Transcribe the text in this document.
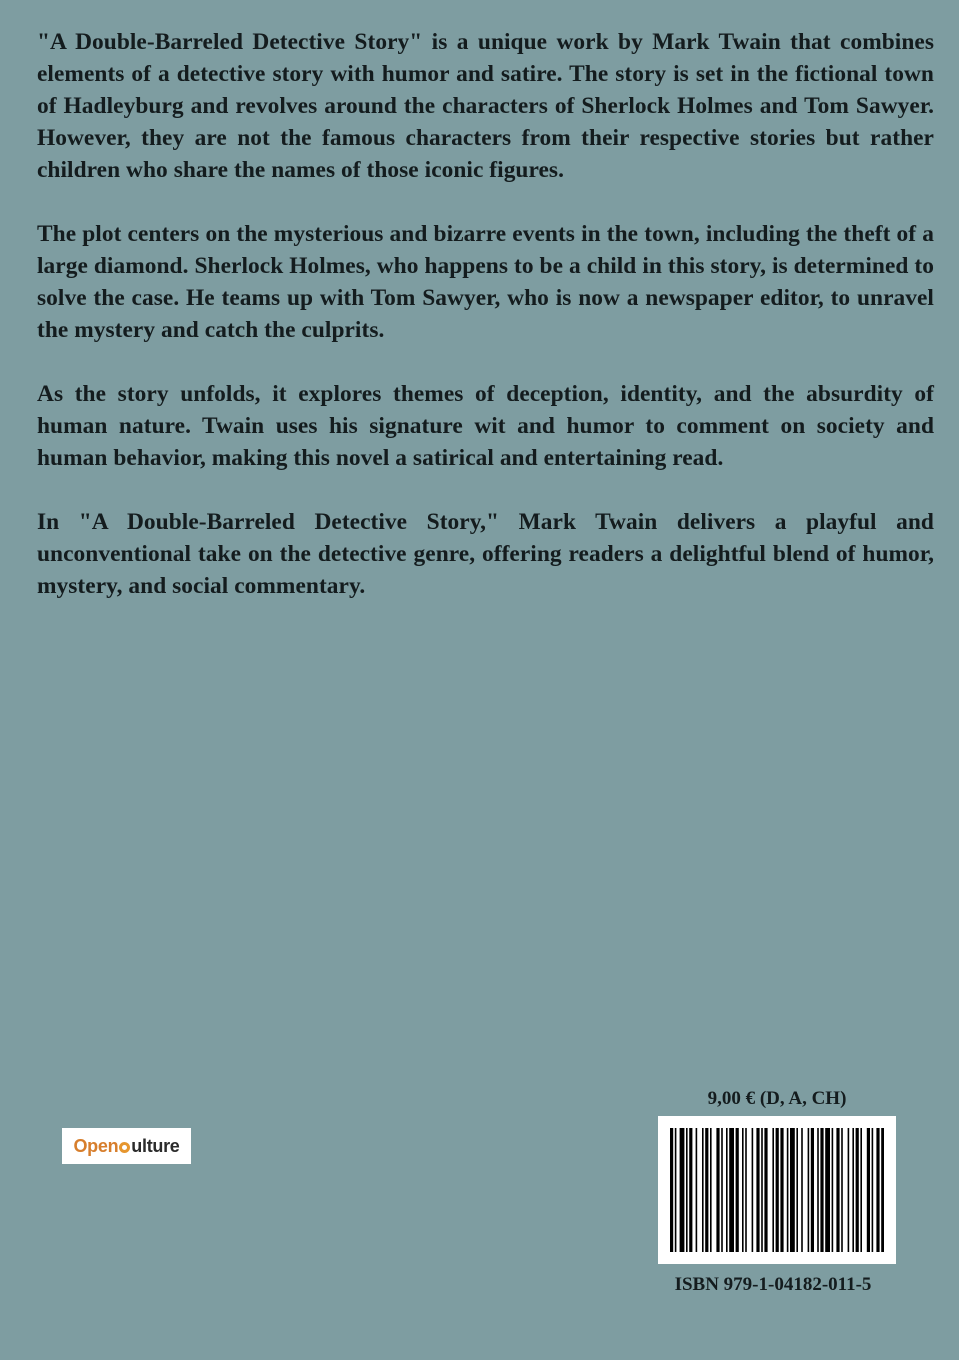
"A Double-Barreled Detective Story" is a unique work by Mark Twain that combines elements of a detective story with humor and satire. The story is set in the fictional town of Hadleyburg and revolves around the characters of Sherlock Holmes and Tom Sawyer. However, they are not the famous characters from their respective stories but rather children who share the names of those iconic figures.

The plot centers on the mysterious and bizarre events in the town, including the theft of a large diamond. Sherlock Holmes, who happens to be a child in this story, is determined to solve the case. He teams up with Tom Sawyer, who is now a newspaper editor, to unravel the mystery and catch the culprits.

As the story unfolds, it explores themes of deception, identity, and the absurdity of human nature. Twain uses his signature wit and humor to comment on society and human behavior, making this novel a satirical and entertaining read.

In "A Double-Barreled Detective Story," Mark Twain delivers a playful and unconventional take on the detective genre, offering readers a delightful blend of humor, mystery, and social commentary.

Open ulture
9,00 € (D, A, CH)
ISBN 979-1-04182-011-5
